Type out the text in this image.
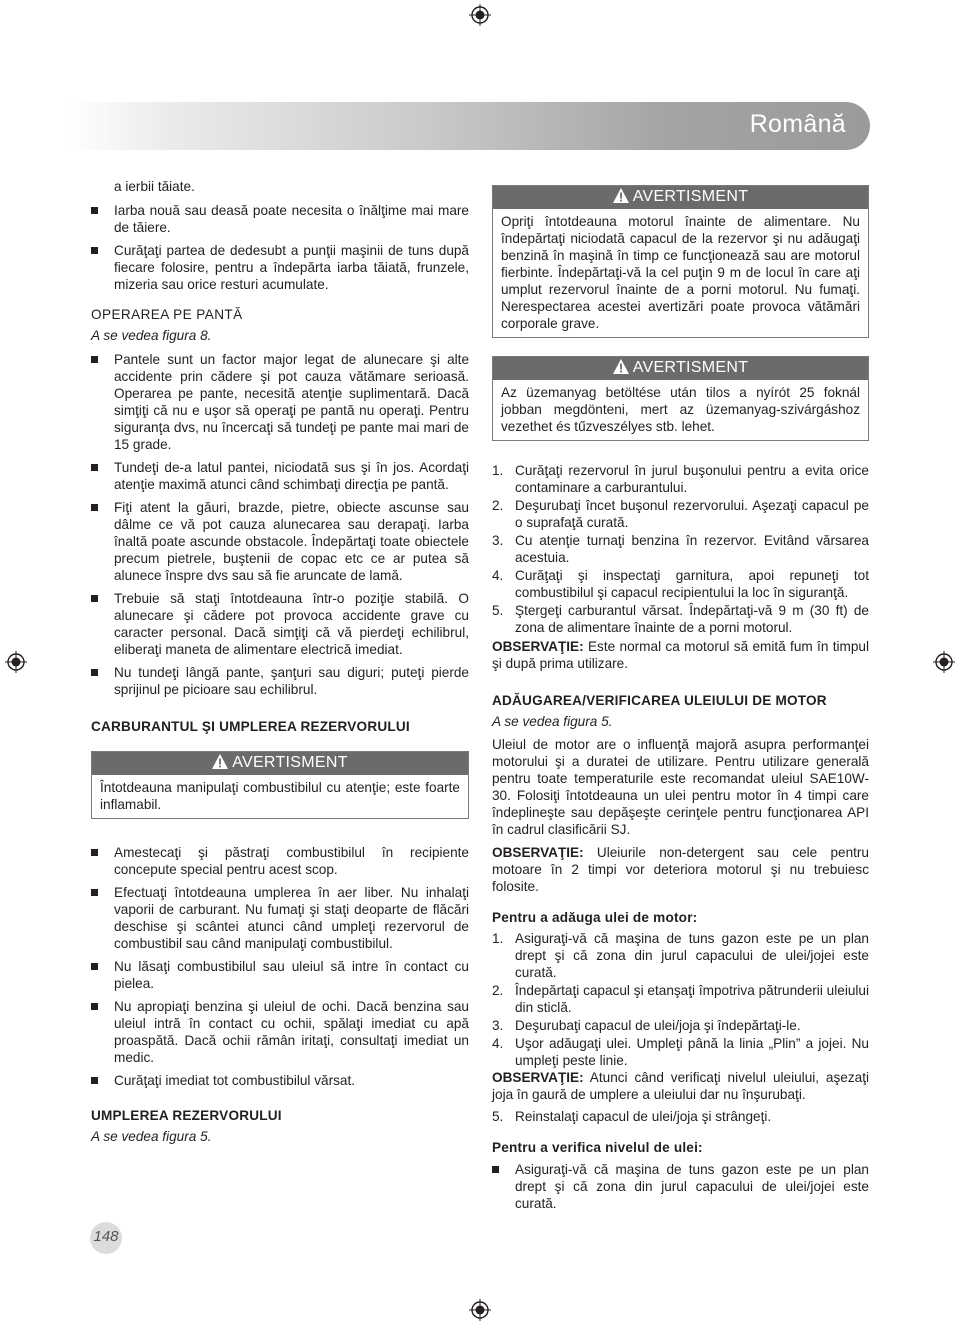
Română

a ierbii tăiate.

Iarba nouă sau deasă poate necesita o înălţime mai mare de tăiere.

Curăţaţi partea de dedesubt a punţii maşinii de tuns după fiecare folosire, pentru a îndepărta iarba tăiată, frunzele, mizeria sau orice resturi acumulate.

OPERAREA PE PANTĂ

A se vedea figura 8.

Pantele sunt un factor major legat de alunecare şi alte accidente prin cădere şi pot cauza vătămare serioasă. Operarea pe pante, necesită atenţie suplimentară. Dacă simţiţi că nu e uşor să operaţi pe pantă nu operaţi. Pentru siguranţa dvs, nu încercaţi să tundeţi pe pante mai mari de 15 grade.

Tundeţi de-a latul pantei, niciodată sus şi în jos. Acordaţi atenţie maximă atunci când schimbaţi direcţia pe pantă.

Fiţi atent la găuri, brazde, pietre, obiecte ascunse sau dâlme ce vă pot cauza alunecarea sau derapaţi. Iarba înaltă poate ascunde obstacole. Îndepărtaţi toate obiectele precum pietrele, buştenii de copac etc ce ar putea să alunece înspre dvs sau să fie aruncate de lamă.

Trebuie să staţi întotdeauna într-o poziţie stabilă. O alunecare şi cădere pot provoca accidente grave cu caracter personal. Dacă simţiţi că vă pierdeţi echilibrul, eliberaţi maneta de alimentare electrică imediat.

Nu tundeţi lângă pante, şanţuri sau diguri; puteţi pierde sprijinul pe picioare sau echilibrul.

CARBURANTUL ŞI UMPLEREA REZERVORULUI

AVERTISMENT

Întotdeauna manipulaţi combustibilul cu atenţie; este foarte inflamabil.

Amestecaţi şi păstraţi combustibilul în recipiente concepute special pentru acest scop.

Efectuaţi întotdeauna umplerea în aer liber. Nu inhalaţi vaporii de carburant. Nu fumaţi şi staţi deoparte de flăcări deschise şi scântei atunci când umpleţi rezervorul de combustibil sau când manipulaţi combustibilul.

Nu lăsaţi combustibilul sau uleiul să intre în contact cu pielea.

Nu apropiaţi benzina şi uleiul de ochi. Dacă benzina sau uleiul intră în contact cu ochii, spălaţi imediat cu apă proaspătă. Dacă ochii rămân iritaţi, consultaţi imediat un medic.

Curăţaţi imediat tot combustibilul vărsat.

UMPLEREA REZERVORULUI

A se vedea figura 5.

AVERTISMENT

Opriţi întotdeauna motorul înainte de alimentare. Nu îndepărtaţi niciodată capacul de la rezervor şi nu adăugaţi benzină în maşină în timp ce funcţionează sau are motorul fierbinte. Îndepărtaţi-vă la cel puţin 9 m de locul în care aţi umplut rezervorul înainte de a porni motorul. Nu fumaţi. Nerespectarea acestei avertizări poate provoca vătămări corporale grave.

AVERTISMENT

Az üzemanyag betöltése után tilos a nyírót 25 foknál jobban megdönteni, mert az üzemanyag-szivárgáshoz vezethet és tűzveszélyes stb. lehet.

1. Curăţaţi rezervorul în jurul buşonului pentru a evita orice contaminare a carburantului.

2. Deşurubaţi încet buşonul rezervorului. Aşezaţi capacul pe o suprafaţă curată.

3. Cu atenţie turnaţi benzina în rezervor. Evitând vărsarea acestuia.

4. Curăţaţi şi inspectaţi garnitura, apoi repuneţi tot combustibilul şi capacul recipientului la loc în siguranţă.

5. Ştergeţi carburantul vărsat. Îndepărtaţi-vă 9 m (30 ft) de zona de alimentare înainte de a porni motorul.

OBSERVAŢIE: Este normal ca motorul să emită fum în timpul şi după prima utilizare.

ADĂUGAREA/VERIFICAREA ULEIULUI DE MOTOR

A se vedea figura 5.

Uleiul de motor are o influenţă majoră asupra performanţei motorului şi a duratei de utilizare. Pentru utilizare generală pentru toate temperaturile este recomandat uleiul SAE10W-30. Folosiţi întotdeauna un ulei pentru motor în 4 timpi care îndeplineşte sau depăşeşte cerinţele pentru funcţionarea API în cadrul clasificării SJ.

OBSERVAŢIE: Uleiurile non-detergent sau cele pentru motoare în 2 timpi vor deteriora motorul şi nu trebuiesc folosite.

Pentru a adăuga ulei de motor:

1. Asiguraţi-vă că maşina de tuns gazon este pe un plan drept şi că zona din jurul capacului de ulei/jojei este curată.

2. Îndepărtaţi capacul şi etanşaţi împotriva pătrunderii uleiului din sticlă.

3. Deşurubaţi capacul de ulei/joja şi îndepărtaţi-le.

4. Uşor adăugaţi ulei. Umpleţi până la linia „Plin” a jojei. Nu umpleţi peste linie.

OBSERVAŢIE: Atunci când verificaţi nivelul uleiului, aşezaţi joja în gaură de umplere a uleiului dar nu înşurubaţi.

5. Reinstalaţi capacul de ulei/joja şi strângeţi.

Pentru a verifica nivelul de ulei:

Asiguraţi-vă că maşina de tuns gazon este pe un plan drept şi că zona din jurul capacului de ulei/jojei este curată.

148
